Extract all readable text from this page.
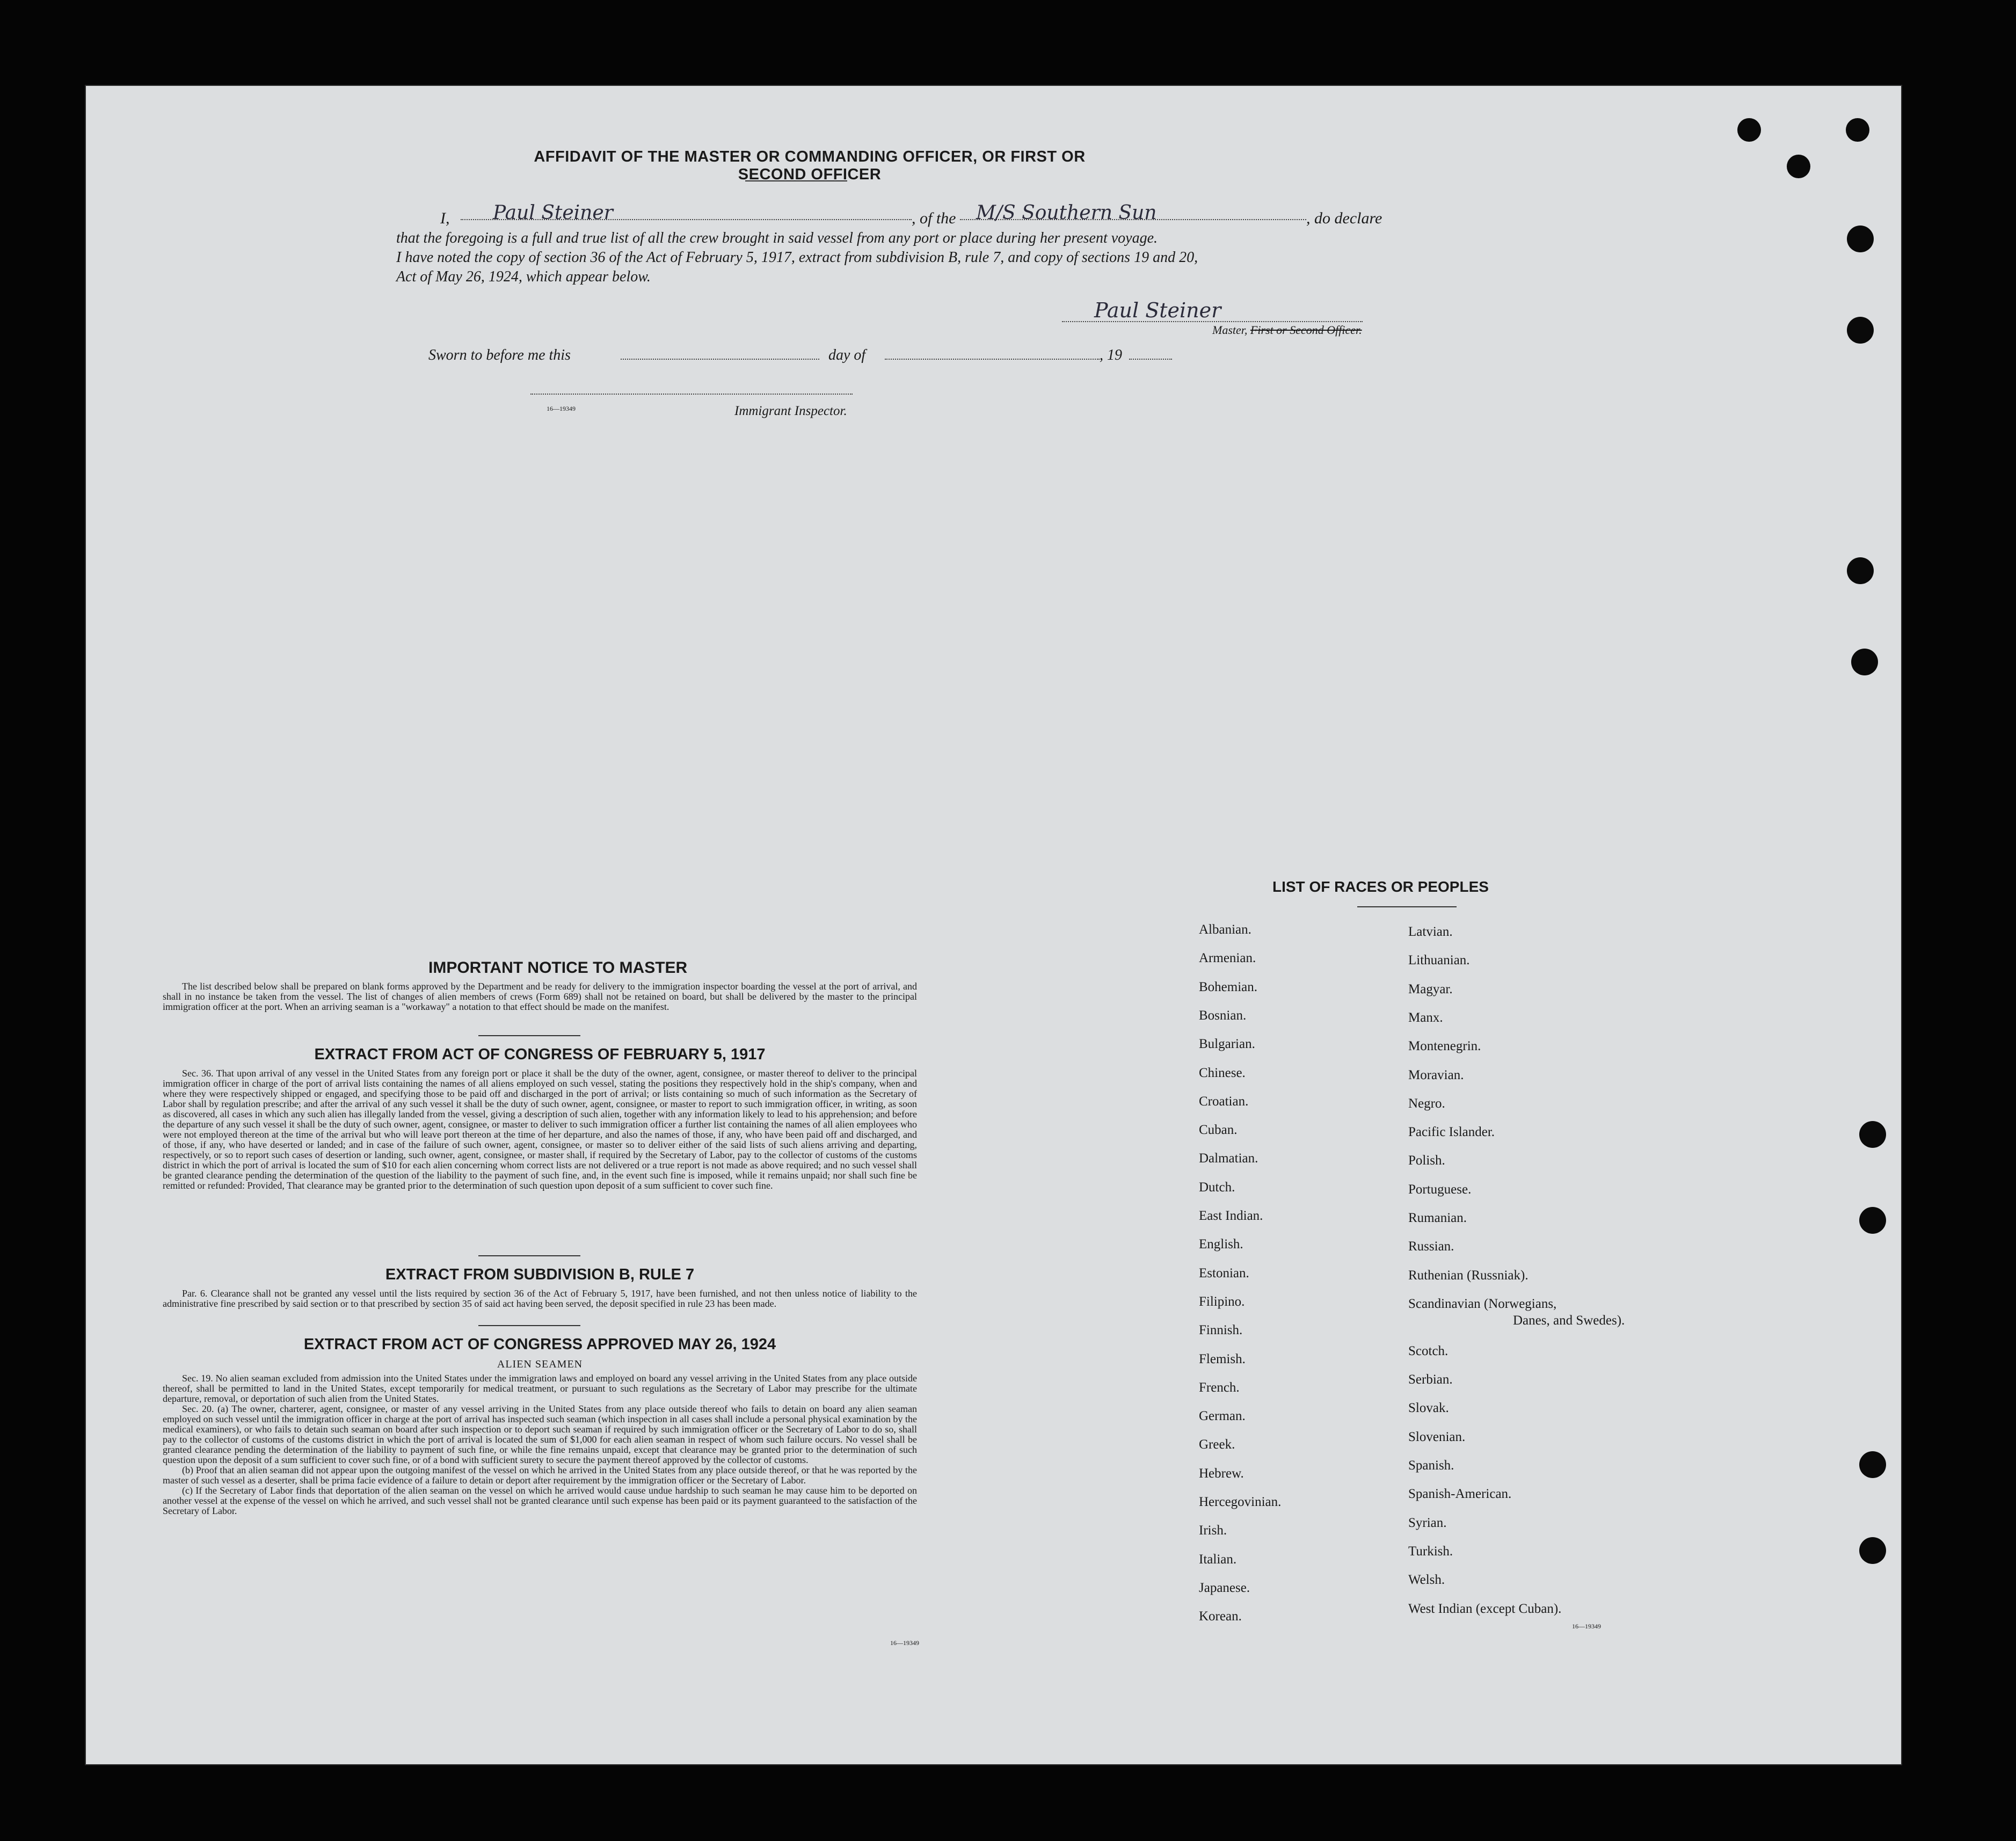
AFFIDAVIT OF THE MASTER OR COMMANDING OFFICER, OR FIRST OR SECOND OFFICER
I, Paul Steiner	, of the M/S Southern Sun	, do declare
that the foregoing is a full and true list of all the crew brought in said vessel from any port or place during her present voyage.
I have noted the copy of section 36 of the Act of February 5, 1917, extract from subdivision B, rule 7, and copy of sections 19 and 20,
Act of May 26, 1924, which appear below.
Paul Steiner
Master, First or Second Officer.
Sworn to before me this	day of	, 19
16—19349	Immigrant Inspector.
IMPORTANT NOTICE TO MASTER

The list described below shall be prepared on blank forms approved by the Department and be ready for delivery to the immigration inspector boarding the vessel at the port of arrival, and shall in no instance be taken from the vessel. The list of changes of alien members of crews (Form 689) shall not be retained on board, but shall be delivered by the master to the principal immigration officer at the port. When an arriving seaman is a "workaway" a notation to that effect should be made on the manifest.

EXTRACT FROM ACT OF CONGRESS OF FEBRUARY 5, 1917

Sec. 36. That upon arrival of any vessel in the United States from any foreign port or place it shall be the duty of the owner, agent, consignee, or master thereof to deliver to the principal immigration officer in charge of the port of arrival lists containing the names of all aliens employed on such vessel, stating the positions they respectively hold in the ship's company, when and where they were respectively shipped or engaged, and specifying those to be paid off and discharged in the port of arrival; or lists containing so much of such information as the Secretary of Labor shall by regulation prescribe; and after the arrival of any such vessel it shall be the duty of such owner, agent, consignee, or master to report to such immigration officer, in writing, as soon as discovered, all cases in which any such alien has illegally landed from the vessel, giving a description of such alien, together with any information likely to lead to his apprehension; and before the departure of any such vessel it shall be the duty of such owner, agent, consignee, or master to deliver to such immigration officer a further list containing the names of all alien employees who were not employed thereon at the time of the arrival but who will leave port thereon at the time of her departure, and also the names of those, if any, who have been paid off and discharged, and of those, if any, who have deserted or landed; and in case of the failure of such owner, agent, consignee, or master so to deliver either of the said lists of such aliens arriving and departing, respectively, or so to report such cases of desertion or landing, such owner, agent, consignee, or master shall, if required by the Secretary of Labor, pay to the collector of customs of the customs district in which the port of arrival is located the sum of $10 for each alien concerning whom correct lists are not delivered or a true report is not made as above required; and no such vessel shall be granted clearance pending the determination of the question of the liability to the payment of such fine, and, in the event such fine is imposed, while it remains unpaid; nor shall such fine be remitted or refunded: Provided, That clearance may be granted prior to the determination of such question upon deposit of a sum sufficient to cover such fine.

EXTRACT FROM SUBDIVISION B, RULE 7

Par. 6. Clearance shall not be granted any vessel until the lists required by section 36 of the Act of February 5, 1917, have been furnished, and not then unless notice of liability to the administrative fine prescribed by said section or to that prescribed by section 35 of said act having been served, the deposit specified in rule 23 has been made.

EXTRACT FROM ACT OF CONGRESS APPROVED MAY 26, 1924
ALIEN SEAMEN

Sec. 19. No alien seaman excluded from admission into the United States under the immigration laws and employed on board any vessel arriving in the United States from any place outside thereof, shall be permitted to land in the United States, except temporarily for medical treatment, or pursuant to such regulations as the Secretary of Labor may prescribe for the ultimate departure, removal, or deportation of such alien from the United States.

Sec. 20. (a) The owner, charterer, agent, consignee, or master of any vessel arriving in the United States from any place outside thereof who fails to detain on board any alien seaman employed on such vessel until the immigration officer in charge at the port of arrival has inspected such seaman (which inspection in all cases shall include a personal physical examination by the medical examiners), or who fails to detain such seaman on board after such inspection or to deport such seaman if required by such immigration officer or the Secretary of Labor to do so, shall pay to the collector of customs of the customs district in which the port of arrival is located the sum of $1,000 for each alien seaman in respect of whom such failure occurs. No vessel shall be granted clearance pending the determination of the liability to payment of such fine, or while the fine remains unpaid, except that clearance may be granted prior to the determination of such question upon the deposit of a sum sufficient to cover such fine, or of a bond with sufficient surety to secure the payment thereof approved by the collector of customs.

(b) Proof that an alien seaman did not appear upon the outgoing manifest of the vessel on which he arrived in the United States from any place outside thereof, or that he was reported by the master of such vessel as a deserter, shall be prima facie evidence of a failure to detain or deport after requirement by the immigration officer or the Secretary of Labor.

(c) If the Secretary of Labor finds that deportation of the alien seaman on the vessel on which he arrived would cause undue hardship to such seaman he may cause him to be deported on another vessel at the expense of the vessel on which he arrived, and such vessel shall not be granted clearance until such expense has been paid or its payment guaranteed to the satisfaction of the Secretary of Labor.

16—19349
LIST OF RACES OR PEOPLES
Danes, and Swedes).
16—19349
Albanian.
Armenian.
Bohemian.
Bosnian.
Bulgarian.
Chinese.
Croatian.
Cuban.
Dalmatian.
Dutch.
East Indian.
English.
Estonian.
Filipino.
Finnish.
Flemish.
French.
German.
Greek.
Hebrew.
Hercegovinian.
Irish.
Italian.
Japanese.
Korean.
Latvian.
Lithuanian.
Magyar.
Manx.
Montenegrin.
Moravian.
Negro.
Pacific Islander.
Polish.
Portuguese.
Rumanian.
Russian.
Ruthenian (Russniak).
Scandinavian (Norwegians,
Scotch.
Serbian.
Slovak.
Slovenian.
Spanish.
Spanish-American.
Syrian.
Turkish.
Welsh.
West Indian (except Cuban).
